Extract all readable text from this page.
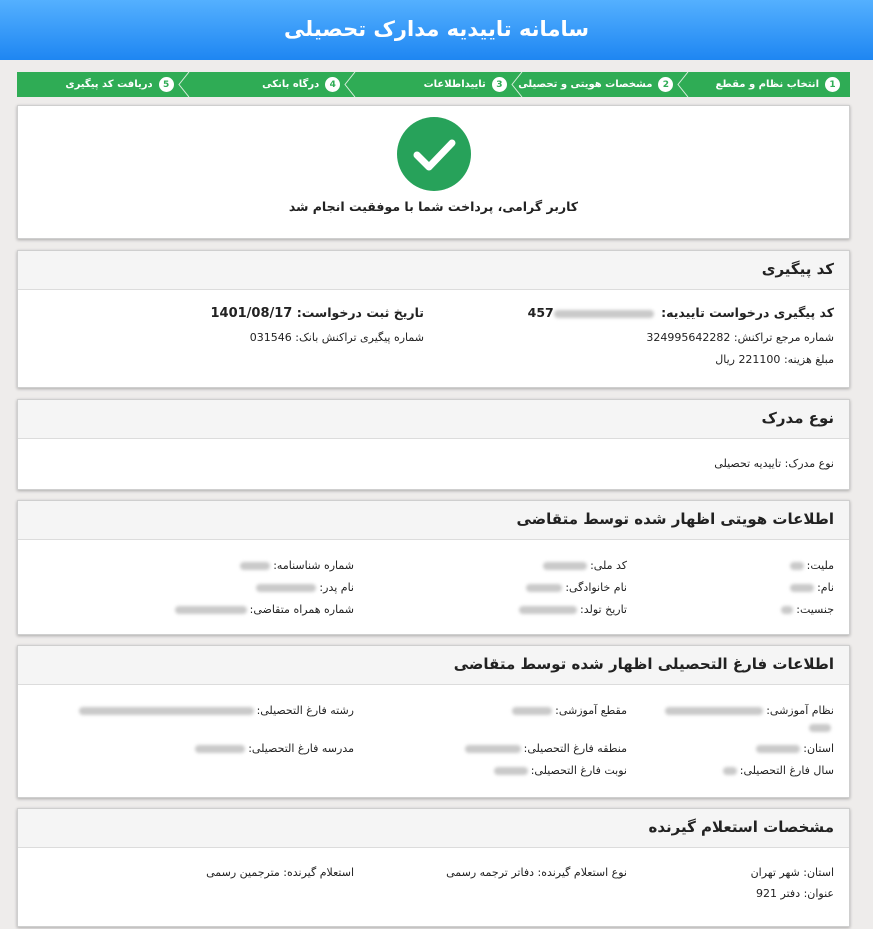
سامانه تاییدیه مدارک تحصیلی
1
انتخاب نظام و مقطع
2
مشخصات هویتی و تحصیلی
3
تاییداطلاعات
4
درگاه بانکی
5
دریافت کد پیگیری
کاربر گرامی، پرداخت شما با موفقیت انجام شد
کد پیگیری
کد پیگیری درخواست تاییدیه: 457
تاریخ ثبت درخواست: 1401/08/17
شماره مرجع تراکنش: 324995642282
شماره پیگیری تراکنش بانک: 031546
مبلغ هزینه: 221100 ریال
نوع مدرک
نوع مدرک: تاییدیه تحصیلی
اطلاعات هویتی اظهار شده توسط متقاضی
ملیت:
کد ملی:
شماره شناسنامه:
نام:
نام خانوادگی:
نام پدر:
جنسیت:
تاریخ تولد:
شماره همراه متقاضی:
اطلاعات فارغ التحصیلی اظهار شده توسط متقاضی
نظام آموزشی:
مقطع آموزشی:
رشته فارغ التحصیلی:
استان:
منطقه فارغ التحصیلی:
مدرسه فارغ التحصیلی:
سال فارغ التحصیلی:
نوبت فارغ التحصیلی:
مشخصات استعلام گیرنده
استان: شهر تهران
نوع استعلام گیرنده: دفاتر ترجمه رسمی
استعلام گیرنده: مترجمین رسمی
عنوان: دفتر 921
